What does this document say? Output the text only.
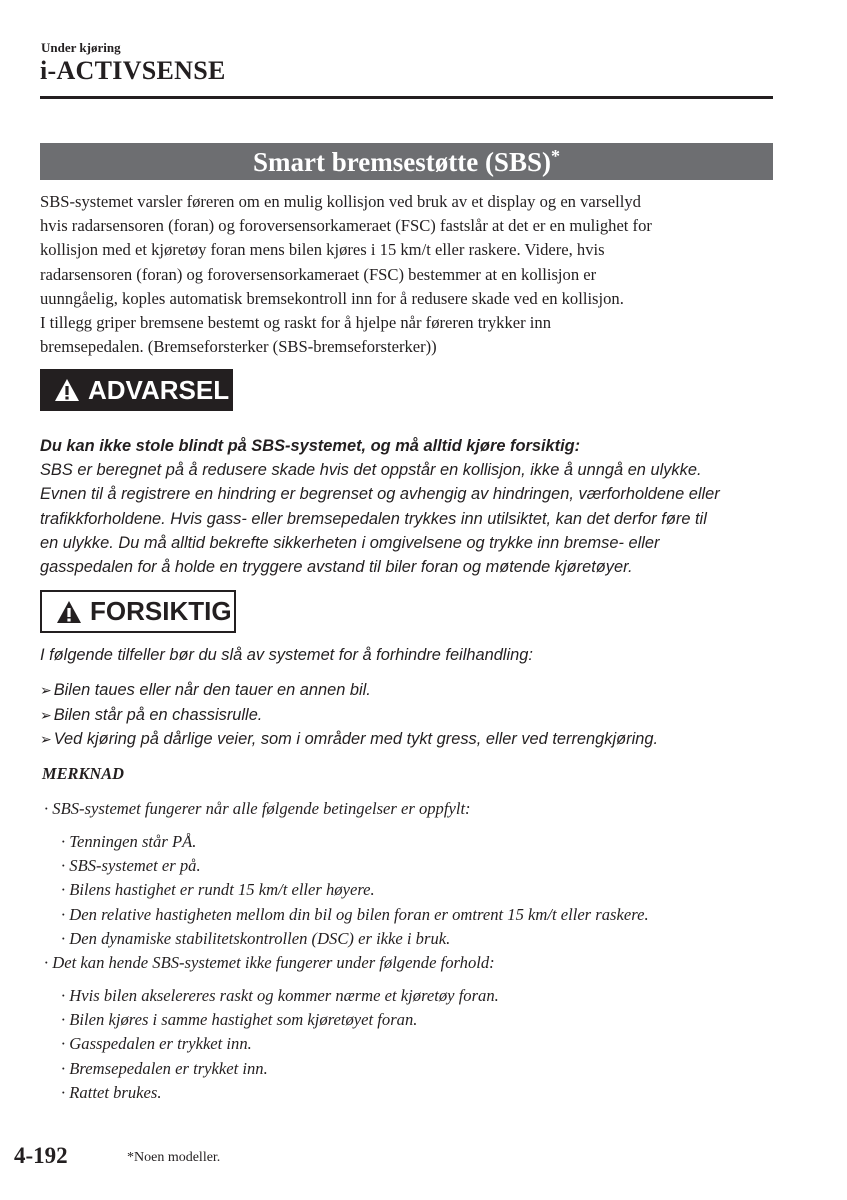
Under kjøring
i-ACTIVSENSE
Smart bremsestøtte (SBS)*

SBS-systemet varsler føreren om en mulig kollisjon ved bruk av et display og en varsellyd
hvis radarsensoren (foran) og foroversensorkameraet (FSC) fastslår at det er en mulighet for
kollisjon med et kjøretøy foran mens bilen kjøres i 15 km/t eller raskere. Videre, hvis
radarsensoren (foran) og foroversensorkameraet (FSC) bestemmer at en kollisjon er
uunngåelig, koples automatisk bremsekontroll inn for å redusere skade ved en kollisjon.
I tillegg griper bremsene bestemt og raskt for å hjelpe når føreren trykker inn
bremsepedalen. (Bremseforsterker (SBS-bremseforsterker))

ADVARSEL
Du kan ikke stole blindt på SBS-systemet, og må alltid kjøre forsiktig:
SBS er beregnet på å redusere skade hvis det oppstår en kollisjon, ikke å unngå en ulykke.
Evnen til å registrere en hindring er begrenset og avhengig av hindringen, værforholdene eller
trafikkforholdene. Hvis gass- eller bremsepedalen trykkes inn utilsiktet, kan det derfor føre til
en ulykke. Du må alltid bekrefte sikkerheten i omgivelsene og trykke inn bremse- eller
gasspedalen for å holde en tryggere avstand til biler foran og møtende kjøretøyer.
FORSIKTIG
I følgende tilfeller bør du slå av systemet for å forhindre feilhandling:
➢ Bilen taues eller når den tauer en annen bil.
➢ Bilen står på en chassisrulle.
➢ Ved kjøring på dårlige veier, som i områder med tykt gress, eller ved terrengkjøring.
MERKNAD
· SBS-systemet fungerer når alle følgende betingelser er oppfylt:
· Tenningen står PÅ.
· SBS-systemet er på.
· Bilens hastighet er rundt 15 km/t eller høyere.
· Den relative hastigheten mellom din bil og bilen foran er omtrent 15 km/t eller raskere.
· Den dynamiske stabilitetskontrollen (DSC) er ikke i bruk.
· Det kan hende SBS-systemet ikke fungerer under følgende forhold:
· Hvis bilen akselereres raskt og kommer nærme et kjøretøy foran.
· Bilen kjøres i samme hastighet som kjøretøyet foran.
· Gasspedalen er trykket inn.
· Bremsepedalen er trykket inn.
· Rattet brukes.
4-192	*Noen modeller.
